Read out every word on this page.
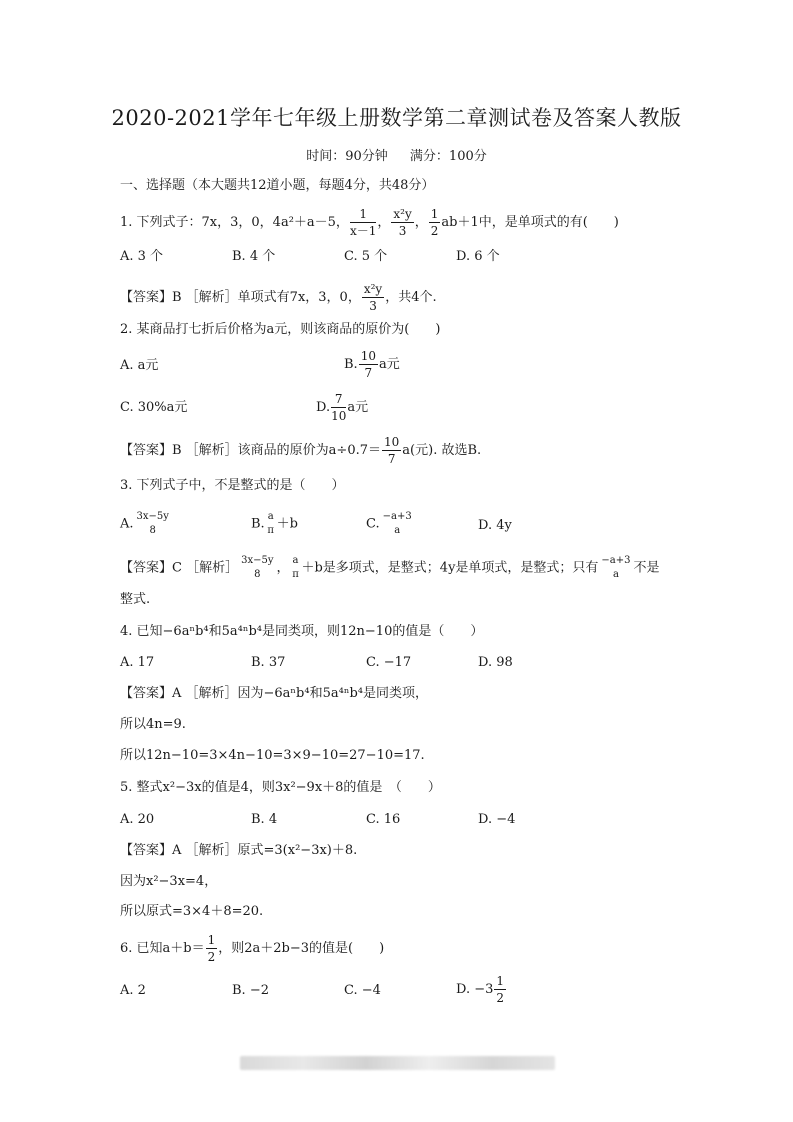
2020-2021学年七年级上册数学第二章测试卷及答案人教版
时间：90分钟 满分：100分
一、选择题（本大题共12道小题，每题4分，共48分）
1. 下列式子：7x，3，0，4a²＋a－5， $\frac{1}{x-1}$ ， $\frac{\text{x²y}}{3}$ ， $\frac{1}{2} ab+1$中，是单项式的有(　　)
A. 3 个	B. 4 个	C. 5 个	D. 6 个
【答案】B ［解析］单项式有7x，3，0， $\frac{\text{x²y}}{3}$ ，共4个.
2. 某商品打七折后价格为a元，则该商品的原价为(　　)
A. a元	B. $\frac{10}{7}$ a元
C. 30%a元	D. $\frac{7}{10}$ a元
【答案】B ［解析］该商品的原价为$a\div 0.7= \frac{10}{7} a$(元). 故选B.
3. 下列式子中，不是整式的是（　　）
A. 3x−5y
8	B. a
π ＋b	C. −a+3
a	D. 4y
【答案】C ［解析］ 3x−5y
8	， a
π ＋b是多项式，是整式；4y是单项式，是整式；只有 −a+3
a	不是
整式.
4. 已知−6aⁿb⁴和5a⁴ⁿb⁴是同类项，则12n−10的值是（　　）
A. 17	B. 37	C. −17	D. 98
【答案】A ［解析］因为−6aⁿb⁴和5a⁴ⁿb⁴是同类项，
所以4n=9.
所以12n−10=3×4n−10=3×9−10=27−10=17.
5. 整式x²−3x的值是4，则3x²−9x＋8的值是　（　　）
A. 20	B. 4	C. 16	D. −4
【答案】A ［解析］原式=3(x²−3x)＋8.
因为x²−3x=4，
所以原式=3×4＋8=20.
6. 已知$a+b= \frac{1}{2}$ ，则2a＋2b−3的值是(　　)
A. 2	B. −2	C. −4	D. $-3 \frac{1}{2}$
